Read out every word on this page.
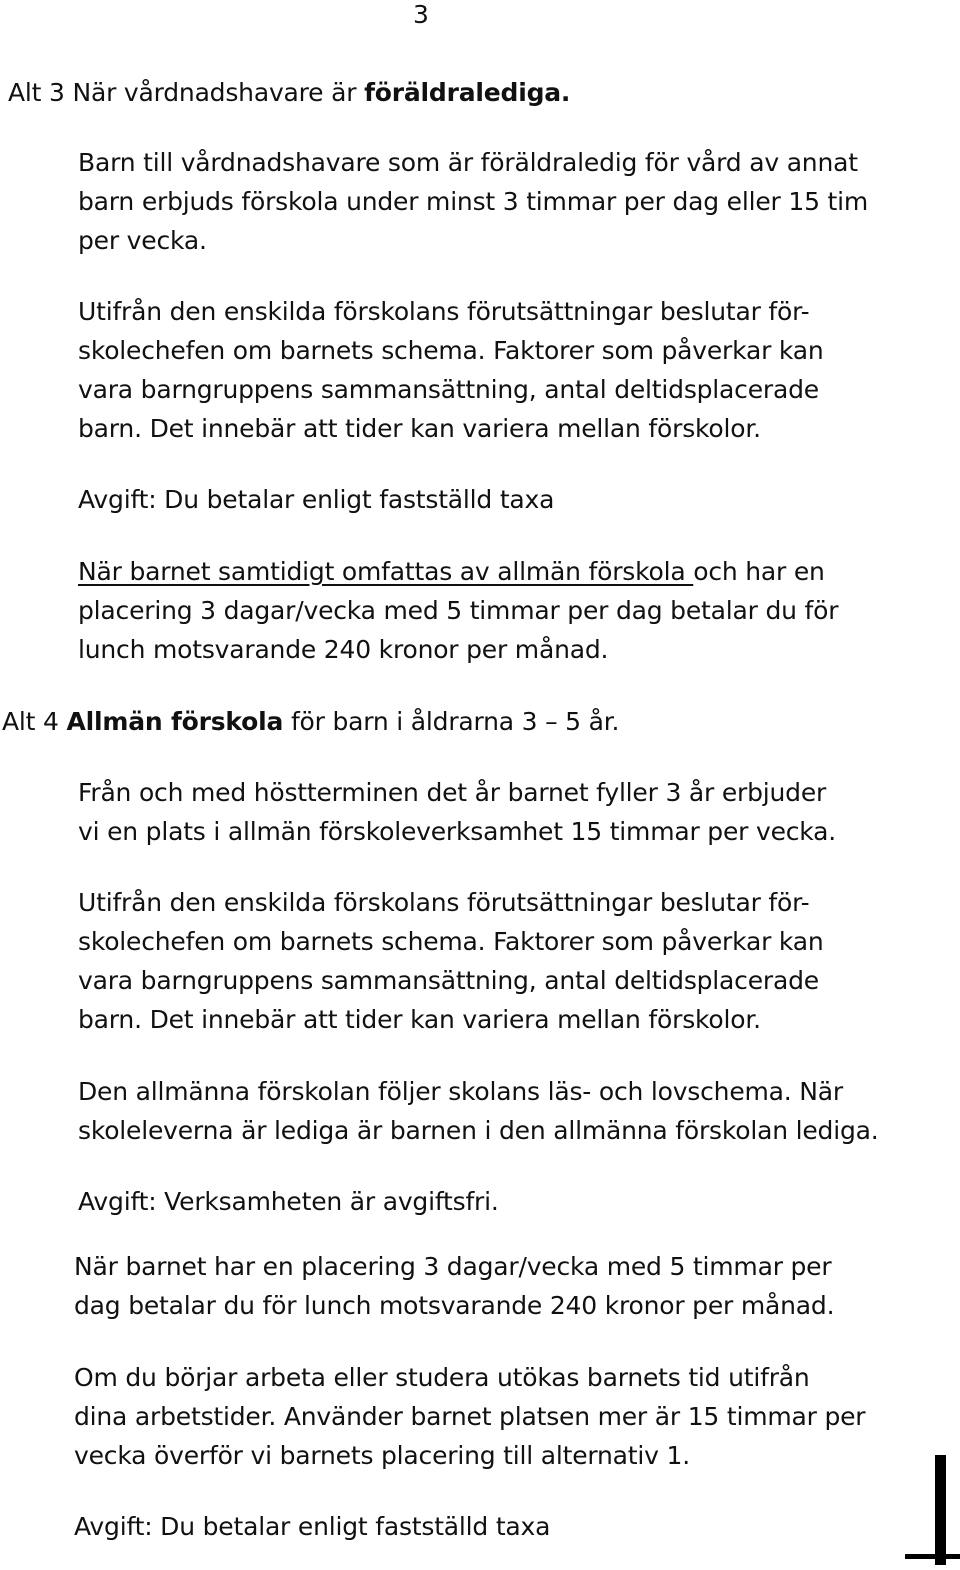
3
Alt 3 När vårdnadshavare är föräldralediga.
Barn till vårdnadshavare som är föräldraledig för vård av annat
barn erbjuds förskola under minst 3 timmar per dag eller 15 tim
per vecka.
Utifrån den enskilda förskolans förutsättningar beslutar för-
skolechefen om barnets schema. Faktorer som påverkar kan
vara barngruppens sammansättning, antal deltidsplacerade
barn. Det innebär att tider kan variera mellan förskolor.
Avgift: Du betalar enligt fastställd taxa
När barnet samtidigt omfattas av allmän förskola och har en
placering 3 dagar/vecka med 5 timmar per dag betalar du för
lunch motsvarande 240 kronor per månad.
Alt 4 Allmän förskola för barn i åldrarna 3 – 5 år.
Från och med höstterminen det år barnet fyller 3 år erbjuder
vi en plats i allmän förskoleverksamhet 15 timmar per vecka.
Utifrån den enskilda förskolans förutsättningar beslutar för-
skolechefen om barnets schema. Faktorer som påverkar kan
vara barngruppens sammansättning, antal deltidsplacerade
barn. Det innebär att tider kan variera mellan förskolor.
Den allmänna förskolan följer skolans läs- och lovschema. När
skoleleverna är lediga är barnen i den allmänna förskolan lediga.
Avgift: Verksamheten är avgiftsfri.
När barnet har en placering 3 dagar/vecka med 5 timmar per
dag betalar du för lunch motsvarande 240 kronor per månad.
Om du börjar arbeta eller studera utökas barnets tid utifrån
dina arbetstider. Använder barnet platsen mer är 15 timmar per
vecka överför vi barnets placering till alternativ 1.
Avgift: Du betalar enligt fastställd taxa
